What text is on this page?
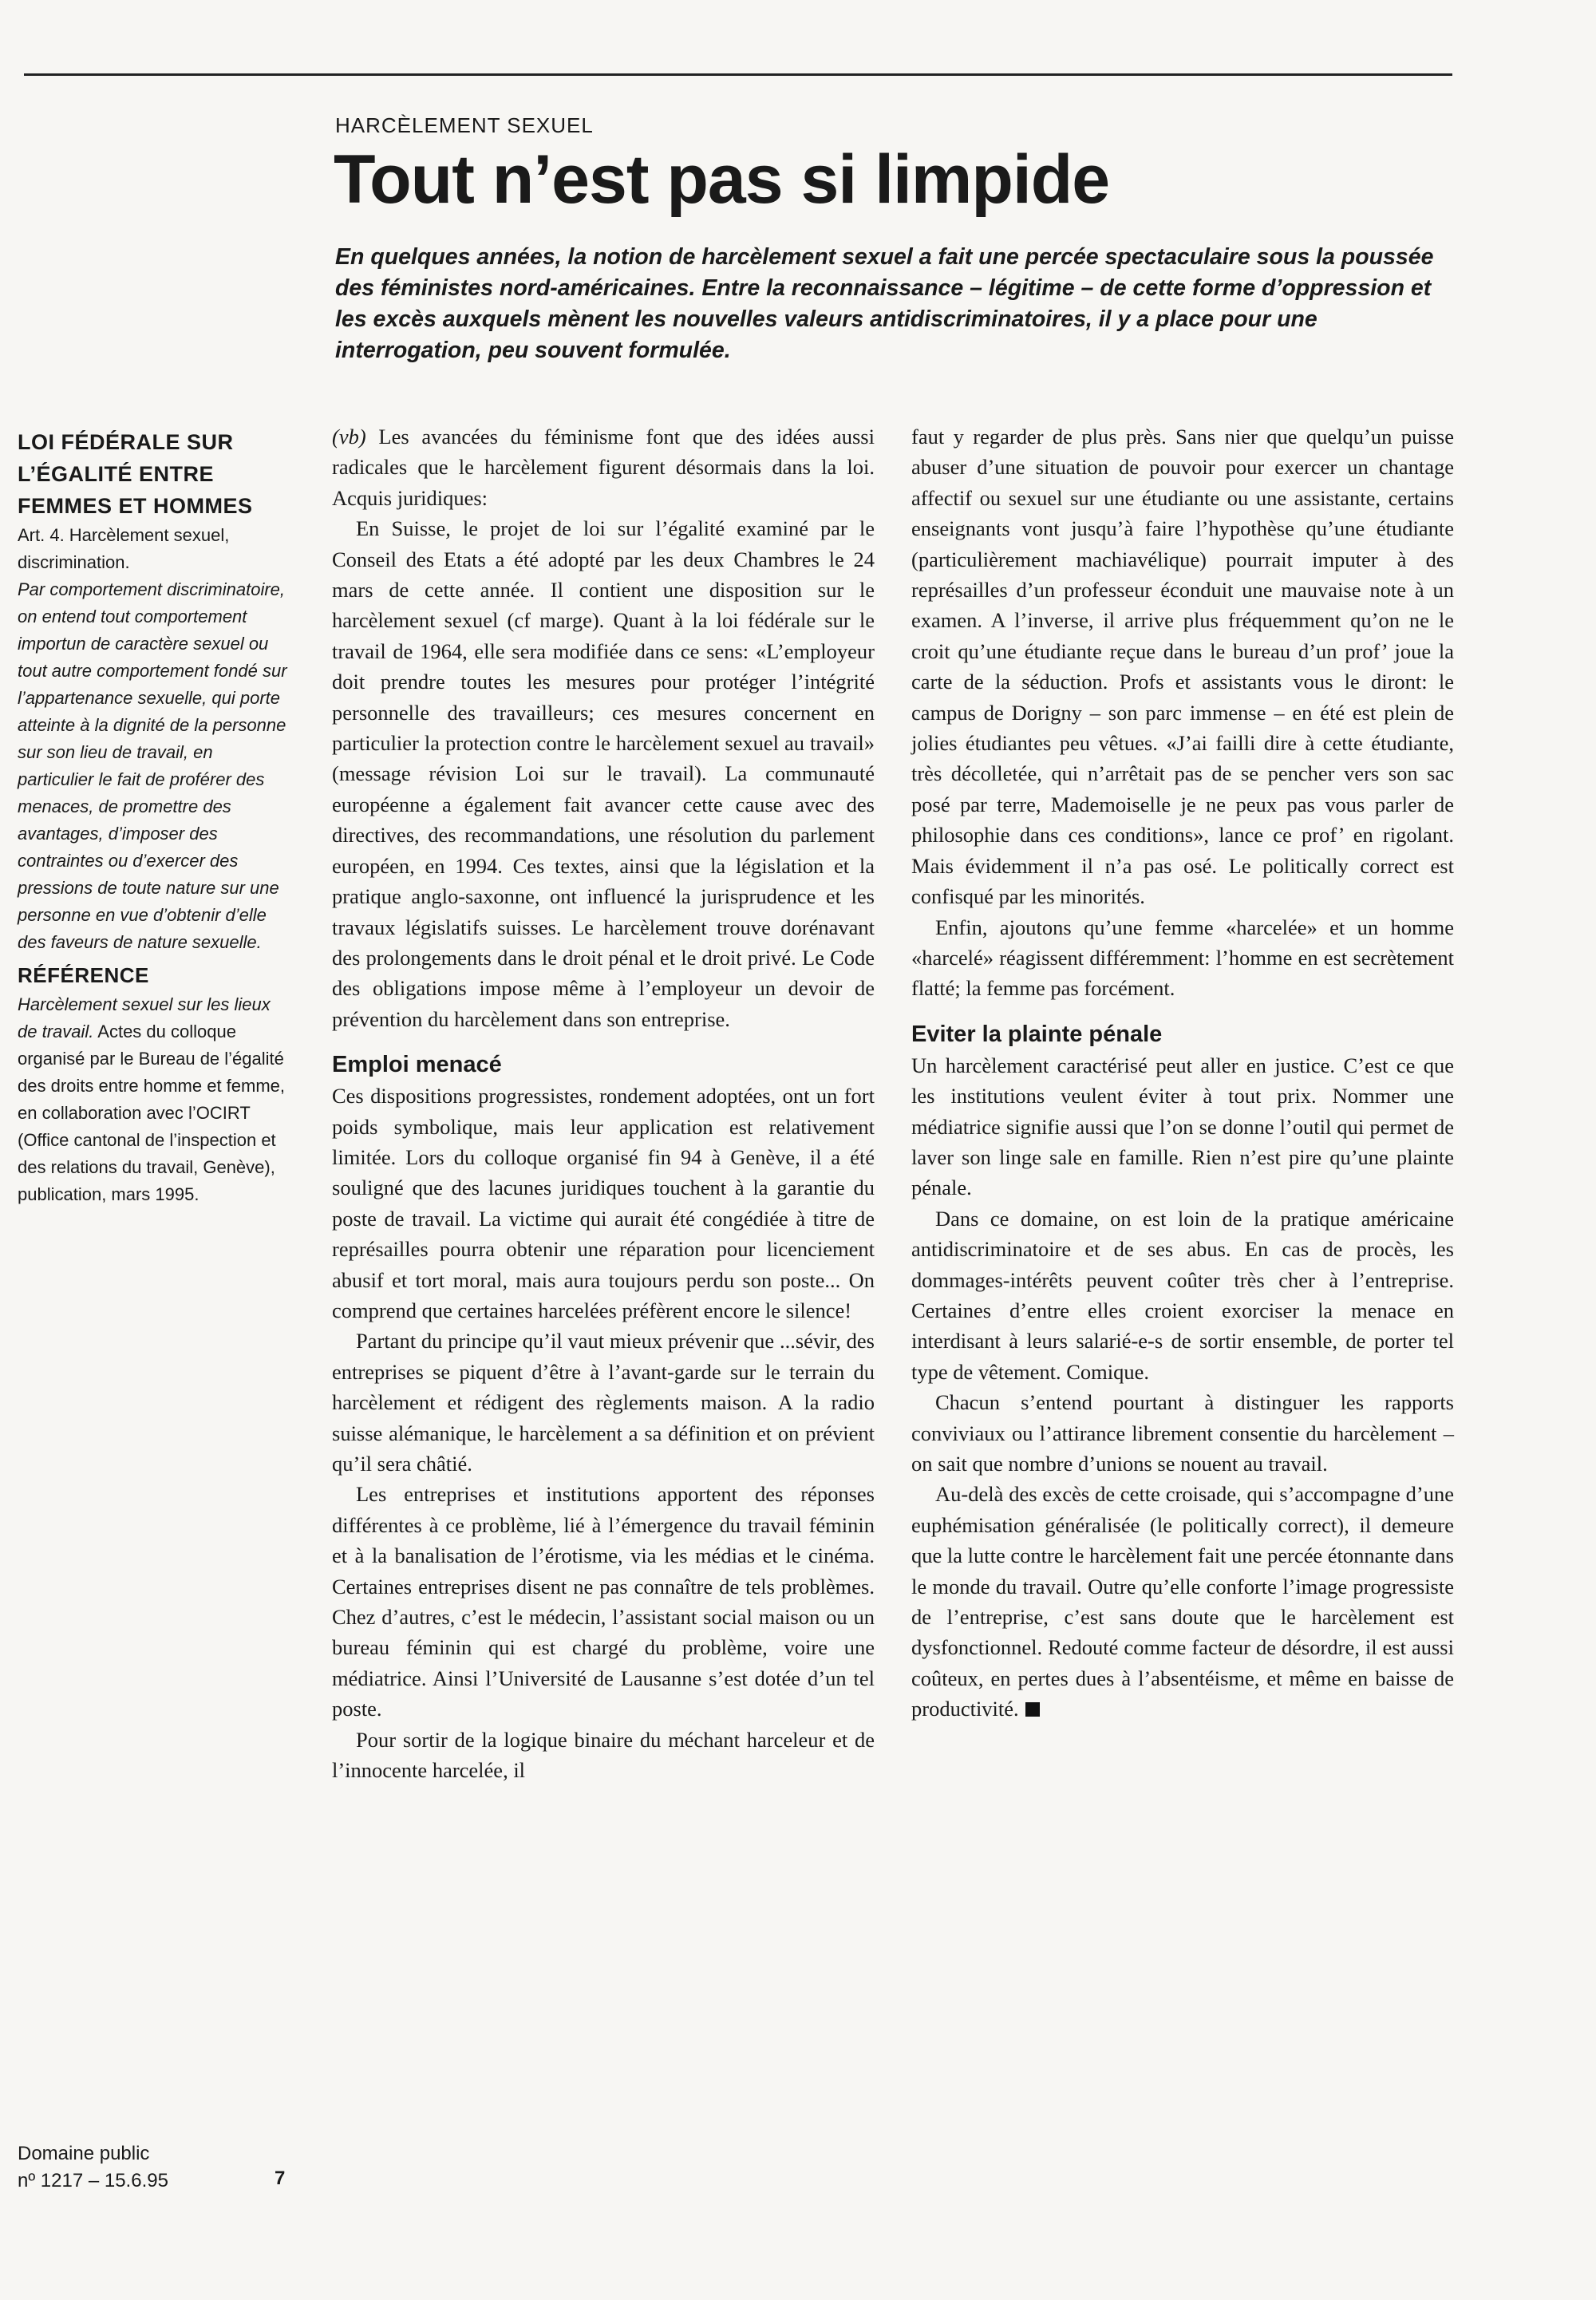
HARCÈLEMENT SEXUEL
Tout n’est pas si limpide

En quelques années, la notion de harcèlement sexuel a fait une percée spectaculaire sous la poussée des féministes nord-américaines. Entre la reconnaissance – légitime – de cette forme d’oppression et les excès auxquels mènent les nouvelles valeurs antidiscriminatoires, il y a place pour une interrogation, peu souvent formulée.

LOI FÉDÉRALE SUR L’ÉGALITÉ ENTRE FEMMES ET HOMMES

Art. 4. Harcèlement sexuel, discrimination.

Par comportement discriminatoire, on entend tout comportement importun de caractère sexuel ou tout autre comportement fondé sur l’appartenance sexuelle, qui porte atteinte à la dignité de la personne sur son lieu de travail, en particulier le fait de proférer des menaces, de promettre des avantages, d’imposer des contraintes ou d’exercer des pressions de toute nature sur une personne en vue d’obtenir d’elle des faveurs de nature sexuelle.

RÉFÉRENCE

Harcèlement sexuel sur les lieux de travail. Actes du colloque organisé par le Bureau de l’égalité des droits entre homme et femme, en collaboration avec l’OCIRT (Office cantonal de l’inspection et des relations du travail, Genève), publication, mars 1995.

(vb) Les avancées du féminisme font que des idées aussi radicales que le harcèlement figurent désormais dans la loi. Acquis juridiques:

En Suisse, le projet de loi sur l’égalité examiné par le Conseil des Etats a été adopté par les deux Chambres le 24 mars de cette année. Il contient une disposition sur le harcèlement sexuel (cf marge). Quant à la loi fédérale sur le travail de 1964, elle sera modifiée dans ce sens: «L’employeur doit prendre toutes les mesures pour protéger l’intégrité personnelle des travailleurs; ces mesures concernent en particulier la protection contre le harcèlement sexuel au travail» (message révision Loi sur le travail). La communauté européenne a également fait avancer cette cause avec des directives, des recommandations, une résolution du parlement européen, en 1994. Ces textes, ainsi que la législation et la pratique anglo-saxonne, ont influencé la jurisprudence et les travaux législatifs suisses. Le harcèlement trouve dorénavant des prolongements dans le droit pénal et le droit privé. Le Code des obligations impose même à l’employeur un devoir de prévention du harcèlement dans son entreprise.

Emploi menacé

Ces dispositions progressistes, rondement adoptées, ont un fort poids symbolique, mais leur application est relativement limitée. Lors du colloque organisé fin 94 à Genève, il a été souligné que des lacunes juridiques touchent à la garantie du poste de travail. La victime qui aurait été congédiée à titre de représailles pourra obtenir une réparation pour licenciement abusif et tort moral, mais aura toujours perdu son poste... On comprend que certaines harcelées préfèrent encore le silence!

Partant du principe qu’il vaut mieux prévenir que ...sévir, des entreprises se piquent d’être à l’avant-garde sur le terrain du harcèlement et rédigent des règlements maison. A la radio suisse alémanique, le harcèlement a sa définition et on prévient qu’il sera châtié.

Les entreprises et institutions apportent des réponses différentes à ce problème, lié à l’émergence du travail féminin et à la banalisation de l’érotisme, via les médias et le cinéma. Certaines entreprises disent ne pas connaître de tels problèmes. Chez d’autres, c’est le médecin, l’assistant social maison ou un bureau féminin qui est chargé du problème, voire une médiatrice. Ainsi l’Université de Lausanne s’est dotée d’un tel poste.

Pour sortir de la logique binaire du méchant harceleur et de l’innocente harcelée, il

faut y regarder de plus près. Sans nier que quelqu’un puisse abuser d’une situation de pouvoir pour exercer un chantage affectif ou sexuel sur une étudiante ou une assistante, certains enseignants vont jusqu’à faire l’hypothèse qu’une étudiante (particulièrement machiavélique) pourrait imputer à des représailles d’un professeur éconduit une mauvaise note à un examen. A l’inverse, il arrive plus fréquemment qu’on ne le croit qu’une étudiante reçue dans le bureau d’un prof’ joue la carte de la séduction. Profs et assistants vous le diront: le campus de Dorigny – son parc immense – en été est plein de jolies étudiantes peu vêtues. «J’ai failli dire à cette étudiante, très décolletée, qui n’arrêtait pas de se pencher vers son sac posé par terre, Mademoiselle je ne peux pas vous parler de philosophie dans ces conditions», lance ce prof’ en rigolant. Mais évidemment il n’a pas osé. Le politically correct est confisqué par les minorités.

Enfin, ajoutons qu’une femme «harcelée» et un homme «harcelé» réagissent différemment: l’homme en est secrètement flatté; la femme pas forcément.

Eviter la plainte pénale

Un harcèlement caractérisé peut aller en justice. C’est ce que les institutions veulent éviter à tout prix. Nommer une médiatrice signifie aussi que l’on se donne l’outil qui permet de laver son linge sale en famille. Rien n’est pire qu’une plainte pénale.

Dans ce domaine, on est loin de la pratique américaine antidiscriminatoire et de ses abus. En cas de procès, les dommages-intérêts peuvent coûter très cher à l’entreprise. Certaines d’entre elles croient exorciser la menace en interdisant à leurs salarié-e-s de sortir ensemble, de porter tel type de vêtement. Comique.

Chacun s’entend pourtant à distinguer les rapports conviviaux ou l’attirance librement consentie du harcèlement – on sait que nombre d’unions se nouent au travail.

Au-delà des excès de cette croisade, qui s’accompagne d’une euphémisation généralisée (le politically correct), il demeure que la lutte contre le harcèlement fait une percée étonnante dans le monde du travail. Outre qu’elle conforte l’image progressiste de l’entreprise, c’est sans doute que le harcèlement est dysfonctionnel. Redouté comme facteur de désordre, il est aussi coûteux, en pertes dues à l’absentéisme, et même en baisse de productivité.

Domaine public
nº 1217 – 15.6.95	7
